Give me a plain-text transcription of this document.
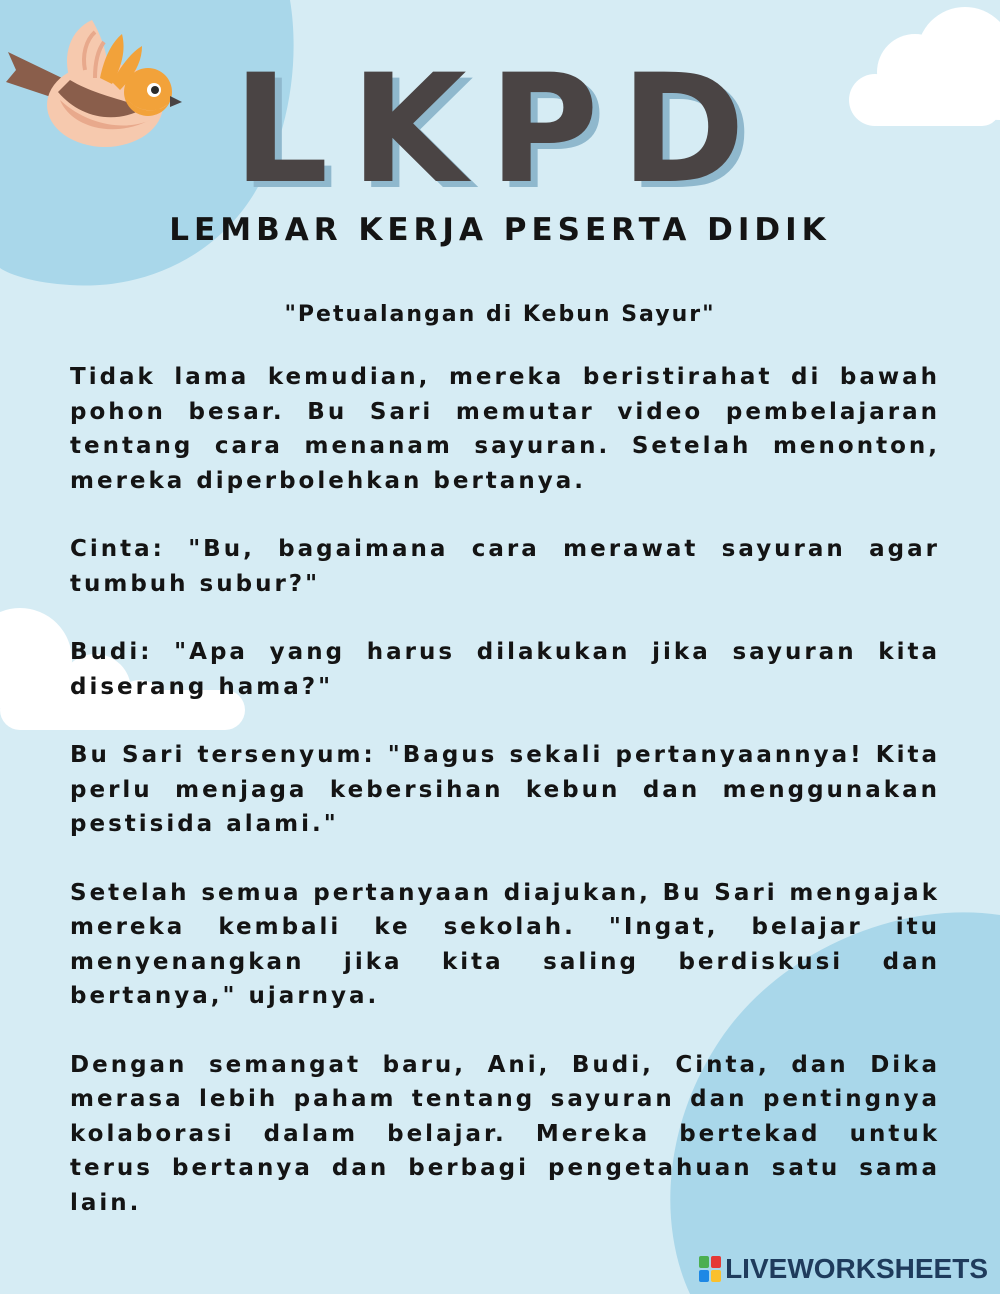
LKPD
LEMBAR KERJA PESERTA DIDIK
"Petualangan di Kebun Sayur"

Tidak lama kemudian, mereka beristirahat di bawah pohon besar. Bu Sari memutar video pembelajaran tentang cara menanam sayuran. Setelah menonton, mereka diperbolehkan bertanya.

Cinta: "Bu, bagaimana cara merawat sayuran agar tumbuh subur?"

Budi: "Apa yang harus dilakukan jika sayuran kita diserang hama?"

Bu Sari tersenyum: "Bagus sekali pertanyaannya! Kita perlu menjaga kebersihan kebun dan menggunakan pestisida alami."

Setelah semua pertanyaan diajukan, Bu Sari mengajak mereka kembali ke sekolah. "Ingat, belajar itu menyenangkan jika kita saling berdiskusi dan bertanya," ujarnya.

Dengan semangat baru, Ani, Budi, Cinta, dan Dika merasa lebih paham tentang sayuran dan pentingnya kolaborasi dalam belajar. Mereka bertekad untuk terus bertanya dan berbagi pengetahuan satu sama lain.

LIVEWORKSHEETS
